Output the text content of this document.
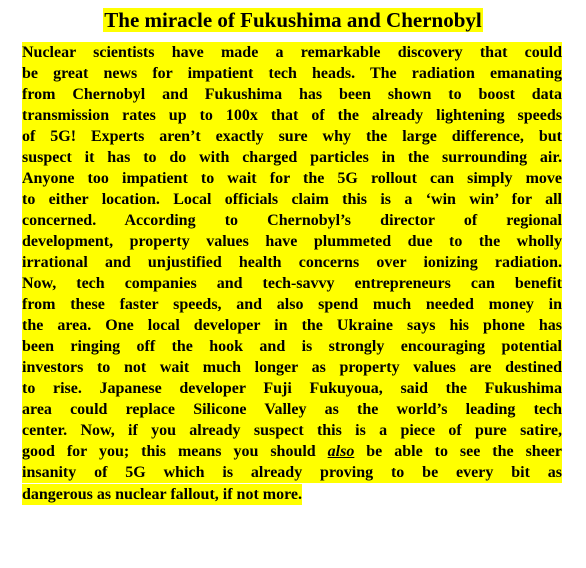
The miracle of Fukushima and Chernobyl
Nuclear scientists have made a remarkable discovery that could
be great news for impatient tech heads. The radiation emanating
from Chernobyl and Fukushima has been shown to boost data
transmission rates up to 100x that of the already lightening speeds
of 5G! Experts aren’t exactly sure why the large difference, but
suspect it has to do with charged particles in the surrounding air.
Anyone too impatient to wait for the 5G rollout can simply move
to either location. Local officials claim this is a ‘win win’ for all
concerned. According to Chernobyl’s director of regional
development, property values have plummeted due to the wholly
irrational and unjustified health concerns over ionizing radiation.
Now, tech companies and tech-savvy entrepreneurs can benefit
from these faster speeds, and also spend much needed money in
the area. One local developer in the Ukraine says his phone has
been ringing off the hook and is strongly encouraging potential
investors to not wait much longer as property values are destined
to rise. Japanese developer Fuji Fukuyoua, said the Fukushima
area could replace Silicone Valley as the world’s leading tech
center. Now, if you already suspect this is a piece of pure satire,
good for you; this means you should also be able to see the sheer
insanity of 5G which is already proving to be every bit as
dangerous as nuclear fallout, if not more.
